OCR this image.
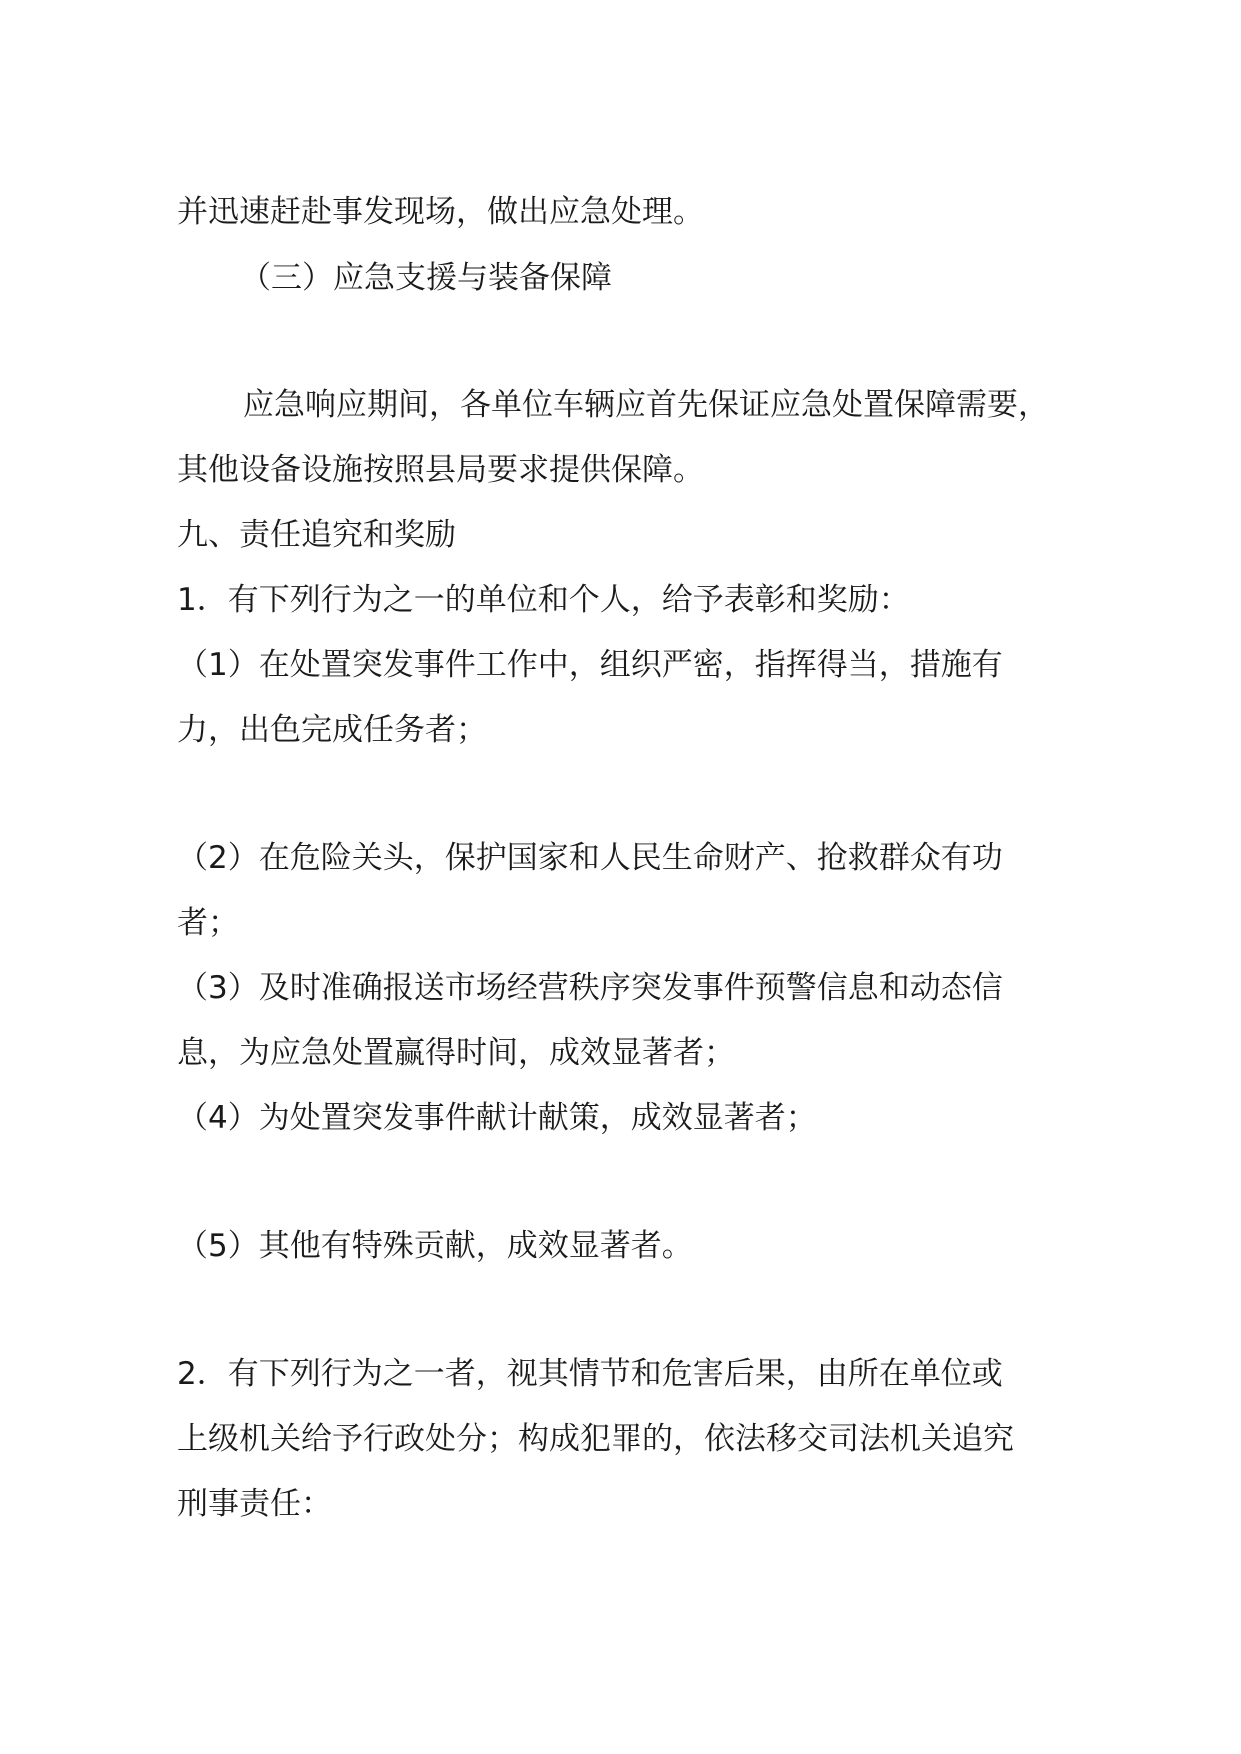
并迅速赶赴事发现场，做出应急处理。
（三）应急支援与装备保障
应急响应期间，各单位车辆应首先保证应急处置保障需要，
其他设备设施按照县局要求提供保障。
九、责任追究和奖励
1．有下列行为之一的单位和个人，给予表彰和奖励：
（1）在处置突发事件工作中，组织严密，指挥得当，措施有
力，出色完成任务者；
（2）在危险关头，保护国家和人民生命财产、抢救群众有功
者；
（3）及时准确报送市场经营秩序突发事件预警信息和动态信
息，为应急处置赢得时间，成效显著者；
（4）为处置突发事件献计献策，成效显著者；
（5）其他有特殊贡献，成效显著者。
2．有下列行为之一者，视其情节和危害后果，由所在单位或
上级机关给予行政处分；构成犯罪的，依法移交司法机关追究
刑事责任：
